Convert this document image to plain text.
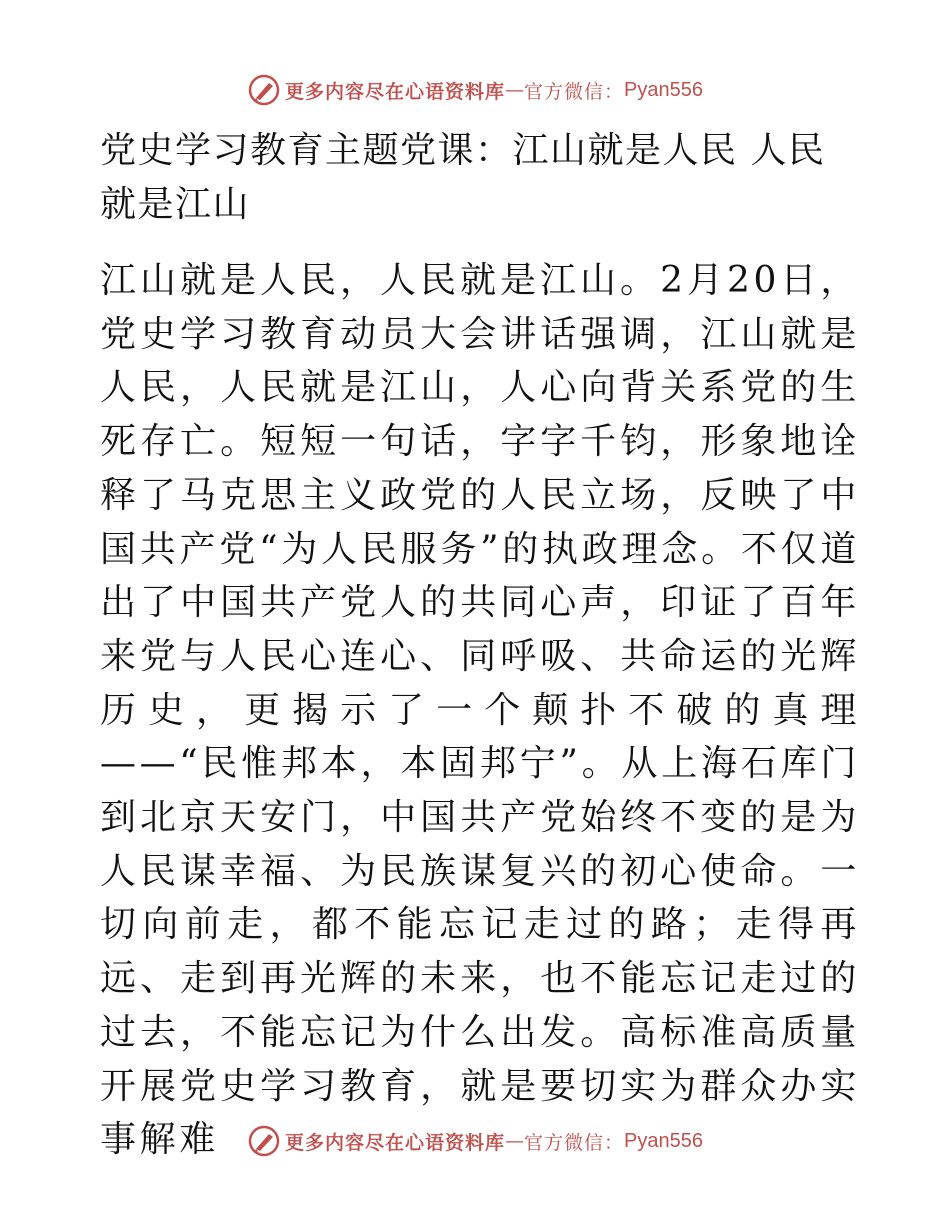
更多内容尽在心语资料库 — 官方微信： Pyan556
党史学习教育主题党课：江山就是人民 人民就是江山

江山就是人民，人民就是江山。2月20日，党史学习教育动员大会讲话强调，江山就是人民，人民就是江山，人心向背关系党的生死存亡。短短一句话，字字千钧，形象地诠释了马克思主义政党的人民立场，反映了中国共产党“为人民服务”的执政理念。不仅道出了中国共产党人的共同心声，印证了百年来党与人民心连心、同呼吸、共命运的光辉历史，更揭示了一个颠扑不破的真理——“民惟邦本，本固邦宁”。从上海石库门到北京天安门，中国共产党始终不变的是为人民谋幸福、为民族谋复兴的初心使命。一切向前走，都不能忘记走过的路；走得再远、走到再光辉的未来，也不能忘记走过的过去，不能忘记为什么出发。高标准高质量开展党史学习教育，就是要切实为群众办实事解难	更多内容尽在心语资料库 — 官方微信： Pyan556
